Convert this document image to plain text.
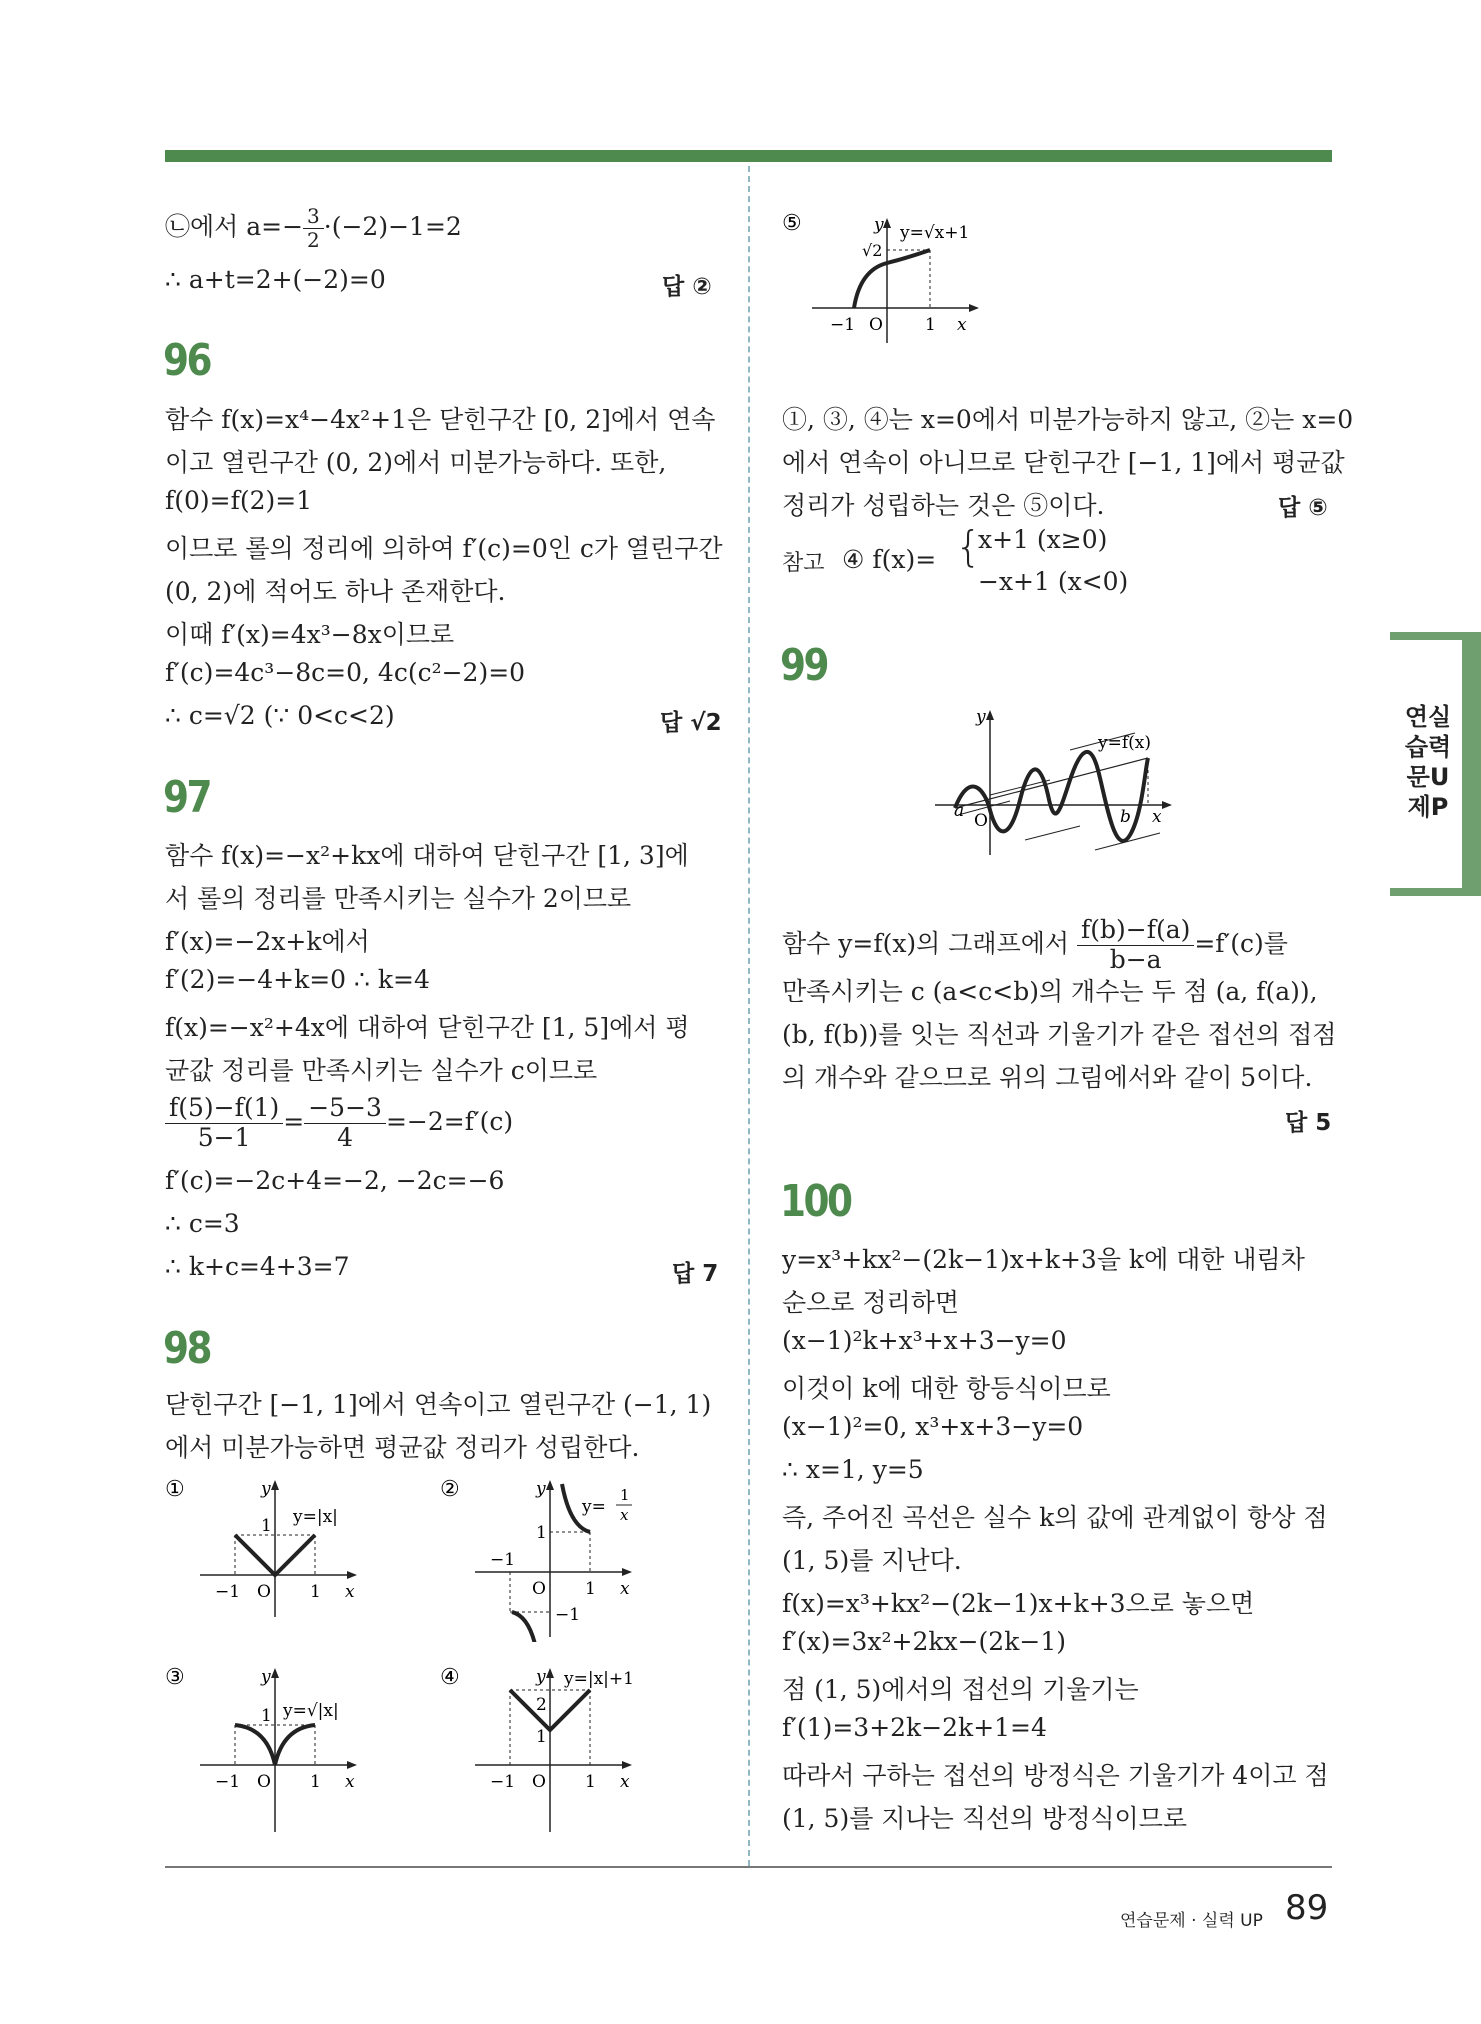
㉡에서 $a=- \frac{3}{2} \cdot(-2)-1=2$
∴ a+t=2+(−2)=0	답 ②
96
함수 f(x)=x⁴−4x²+1은 닫힌구간 [0, 2]에서 연속
이고 열린구간 (0, 2)에서 미분가능하다. 또한,
f(0)=f(2)=1
이므로 롤의 정리에 의하여 f′(c)=0인 c가 열린구간
(0, 2)에 적어도 하나 존재한다.
이때 f′(x)=4x³−8x이므로
f′(c)=4c³−8c=0, 4c(c²−2)=0
∴ c=√2 (∵ 0<c<2)	답 √2
97
함수 f(x)=−x²+kx에 대하여 닫힌구간 [1, 3]에
서 롤의 정리를 만족시키는 실수가 2이므로
f′(x)=−2x+k에서
f′(2)=−4+k=0 ∴ k=4
f(x)=−x²+4x에 대하여 닫힌구간 [1, 5]에서 평
균값 정리를 만족시키는 실수가 c이므로
$\frac{f(5)-f(1)}{5-1} = \frac{-5-3}{4} =-2=f'(c)$
f′(c)=−2c+4=−2, −2c=−6
∴ c=3
∴ k+c=4+3=7	답 7
98
닫힌구간 [−1, 1]에서 연속이고 열린구간 (−1, 1)
에서 미분가능하면 평균값 정리가 성립한다.
①	y
y=|x|
1
−1 O 1 x
②	y
y=
1
x
1
−1
O 1 x
−1
③	y
y=√|x|
1
−1 O 1 x
④	y y=|x|+1
2
1
−1 O 1 x
⑤	y y=√x+1
√2
−1 O 1 x
①, ③, ④는 x=0에서 미분가능하지 않고, ②는 x=0
에서 연속이 아니므로 닫힌구간 [−1, 1]에서 평균값
정리가 성립하는 것은 ⑤이다.	답 ⑤
참고 ④ f(x)= {
x+1 (x≥0)
−x+1 (x<0)
99
y
y=f(x)
a O	b x
함수 y=f(x)의 그래프에서 $\frac{f(b)-f(a)}{b-a} =f'(c)$를
만족시키는 c (a<c<b)의 개수는 두 점 (a, f(a)),
(b, f(b))를 잇는 직선과 기울기가 같은 접선의 접점
의 개수와 같으므로 위의 그림에서와 같이 5이다.
답 5
100
y=x³+kx²−(2k−1)x+k+3을 k에 대한 내림차
순으로 정리하면
(x−1)²k+x³+x+3−y=0
이것이 k에 대한 항등식이므로
(x−1)²=0, x³+x+3−y=0
∴ x=1, y=5
즉, 주어진 곡선은 실수 k의 값에 관계없이 항상 점
(1, 5)를 지난다.
f(x)=x³+kx²−(2k−1)x+k+3으로 놓으면
f′(x)=3x²+2kx−(2k−1)
점 (1, 5)에서의 접선의 기울기는
f′(1)=3+2k−2k+1=4
따라서 구하는 접선의 방정식은 기울기가 4이고 점
(1, 5)를 지나는 직선의 방정식이므로
연실
습력
문U
제P
연습문제 · 실력 UP 89
